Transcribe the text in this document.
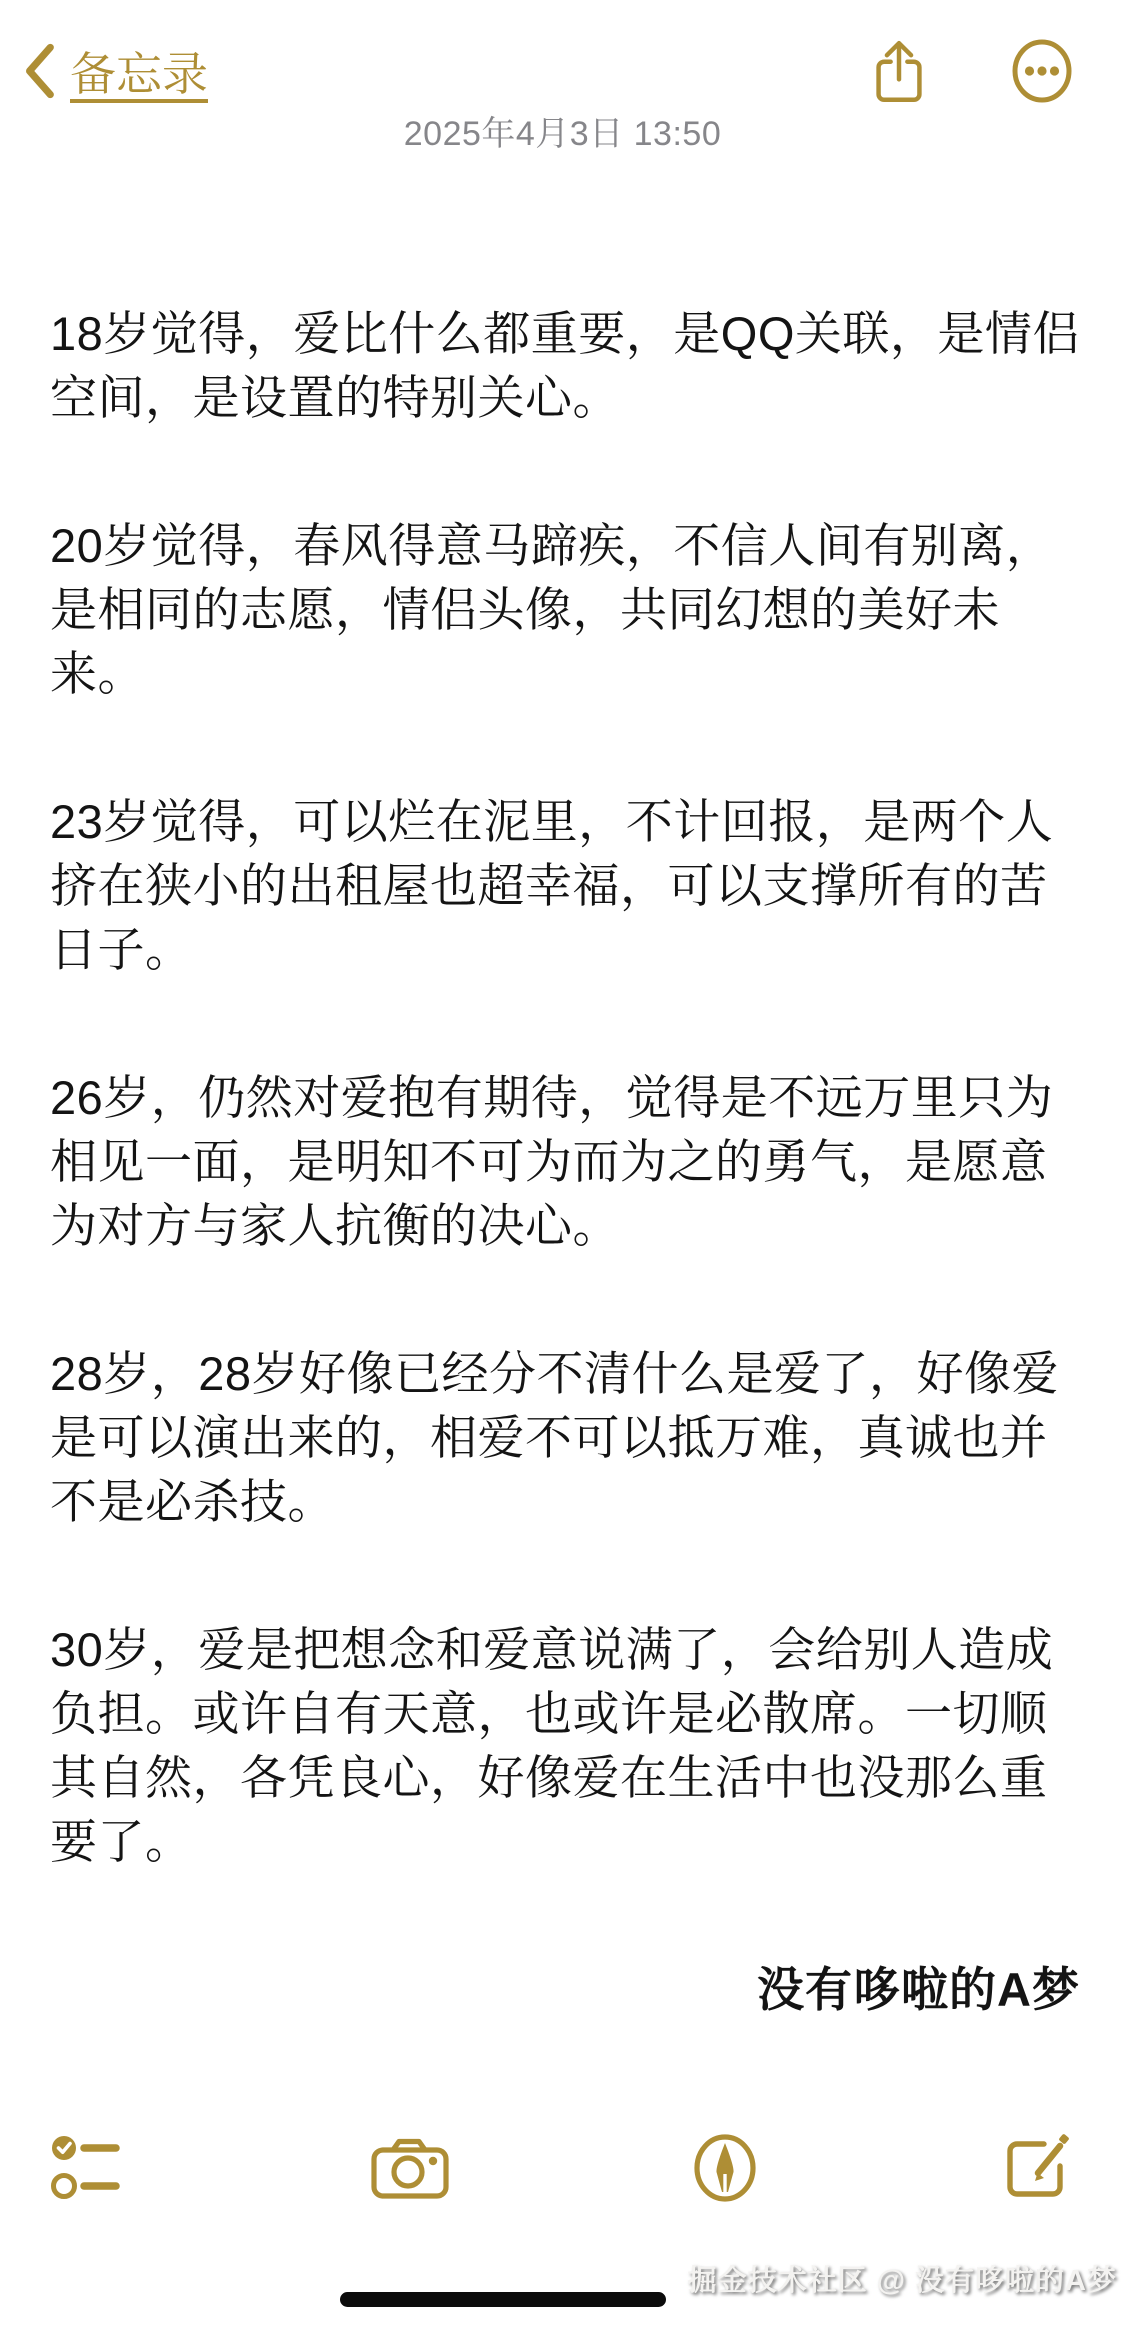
备忘录
2025年4月3日 13:50

18岁觉得，爱比什么都重要，是QQ关联，是情侣空间，是设置的特别关心。

20岁觉得，春风得意马蹄疾，不信人间有别离，是相同的志愿，情侣头像，共同幻想的美好未来。

23岁觉得，可以烂在泥里，不计回报，是两个人挤在狭小的出租屋也超幸福，可以支撑所有的苦日子。

26岁，仍然对爱抱有期待，觉得是不远万里只为相见一面，是明知不可为而为之的勇气，是愿意为对方与家人抗衡的决心。

28岁，28岁好像已经分不清什么是爱了，好像爱是可以演出来的，相爱不可以抵万难，真诚也并不是必杀技。

30岁，爱是把想念和爱意说满了，会给别人造成负担。或许自有天意，也或许是必散席。一切顺其自然，各凭良心，好像爱在生活中也没那么重要了。

没有哆啦的A梦
掘金技术社区 @ 没有哆啦的A梦
